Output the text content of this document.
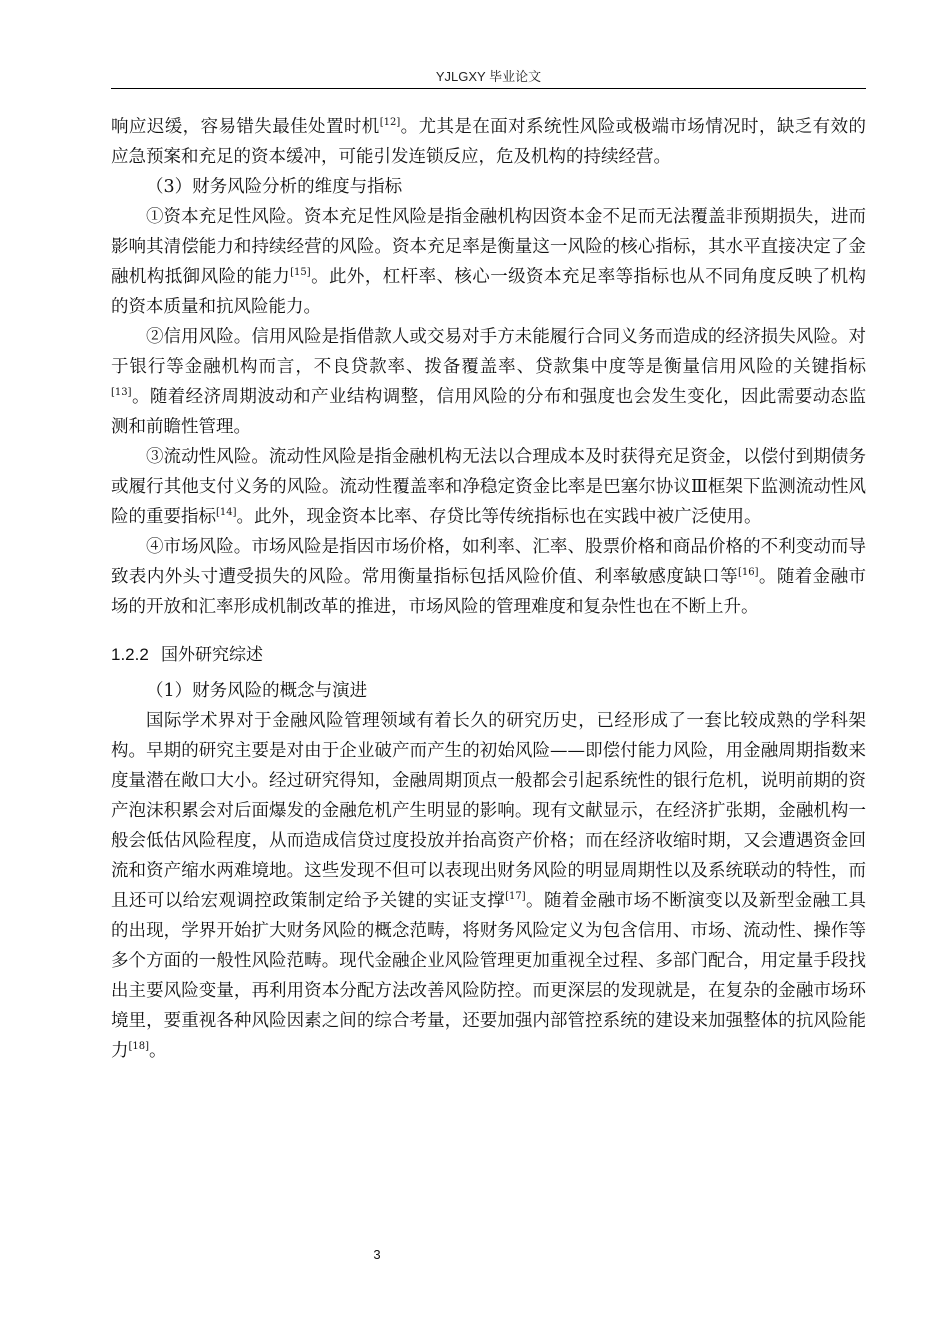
YJLGXY 毕业论文

响应迟缓，容易错失最佳处置时机[12]。尤其是在面对系统性风险或极端市场情况时，缺乏有效的应急预案和充足的资本缓冲，可能引发连锁反应，危及机构的持续经营。

（3）财务风险分析的维度与指标

①资本充足性风险。资本充足性风险是指金融机构因资本金不足而无法覆盖非预期损失，进而影响其清偿能力和持续经营的风险。资本充足率是衡量这一风险的核心指标，其水平直接决定了金融机构抵御风险的能力[15]。此外，杠杆率、核心一级资本充足率等指标也从不同角度反映了机构的资本质量和抗风险能力。

②信用风险。信用风险是指借款人或交易对手方未能履行合同义务而造成的经济损失风险。对于银行等金融机构而言，不良贷款率、拨备覆盖率、贷款集中度等是衡量信用风险的关键指标[13]。随着经济周期波动和产业结构调整，信用风险的分布和强度也会发生变化，因此需要动态监测和前瞻性管理。

③流动性风险。流动性风险是指金融机构无法以合理成本及时获得充足资金，以偿付到期债务或履行其他支付义务的风险。流动性覆盖率和净稳定资金比率是巴塞尔协议Ⅲ框架下监测流动性风险的重要指标[14]。此外，现金资本比率、存贷比等传统指标也在实践中被广泛使用。

④市场风险。市场风险是指因市场价格，如利率、汇率、股票价格和商品价格的不利变动而导致表内外头寸遭受损失的风险。常用衡量指标包括风险价值、利率敏感度缺口等[16]。随着金融市场的开放和汇率形成机制改革的推进，市场风险的管理难度和复杂性也在不断上升。

1.2.2 国外研究综述

（1）财务风险的概念与演进

国际学术界对于金融风险管理领域有着长久的研究历史，已经形成了一套比较成熟的学科架构。早期的研究主要是对由于企业破产而产生的初始风险——即偿付能力风险，用金融周期指数来度量潜在敞口大小。经过研究得知，金融周期顶点一般都会引起系统性的银行危机，说明前期的资产泡沫积累会对后面爆发的金融危机产生明显的影响。现有文献显示，在经济扩张期，金融机构一般会低估风险程度，从而造成信贷过度投放并抬高资产价格；而在经济收缩时期，又会遭遇资金回流和资产缩水两难境地。这些发现不但可以表现出财务风险的明显周期性以及系统联动的特性，而且还可以给宏观调控政策制定给予关键的实证支撑[17]。随着金融市场不断演变以及新型金融工具的出现，学界开始扩大财务风险的概念范畴，将财务风险定义为包含信用、市场、流动性、操作等多个方面的一般性风险范畴。现代金融企业风险管理更加重视全过程、多部门配合，用定量手段找出主要风险变量，再利用资本分配方法改善风险防控。而更深层的发现就是，在复杂的金融市场环境里，要重视各种风险因素之间的综合考量，还要加强内部管控系统的建设来加强整体的抗风险能力[18]。

3
